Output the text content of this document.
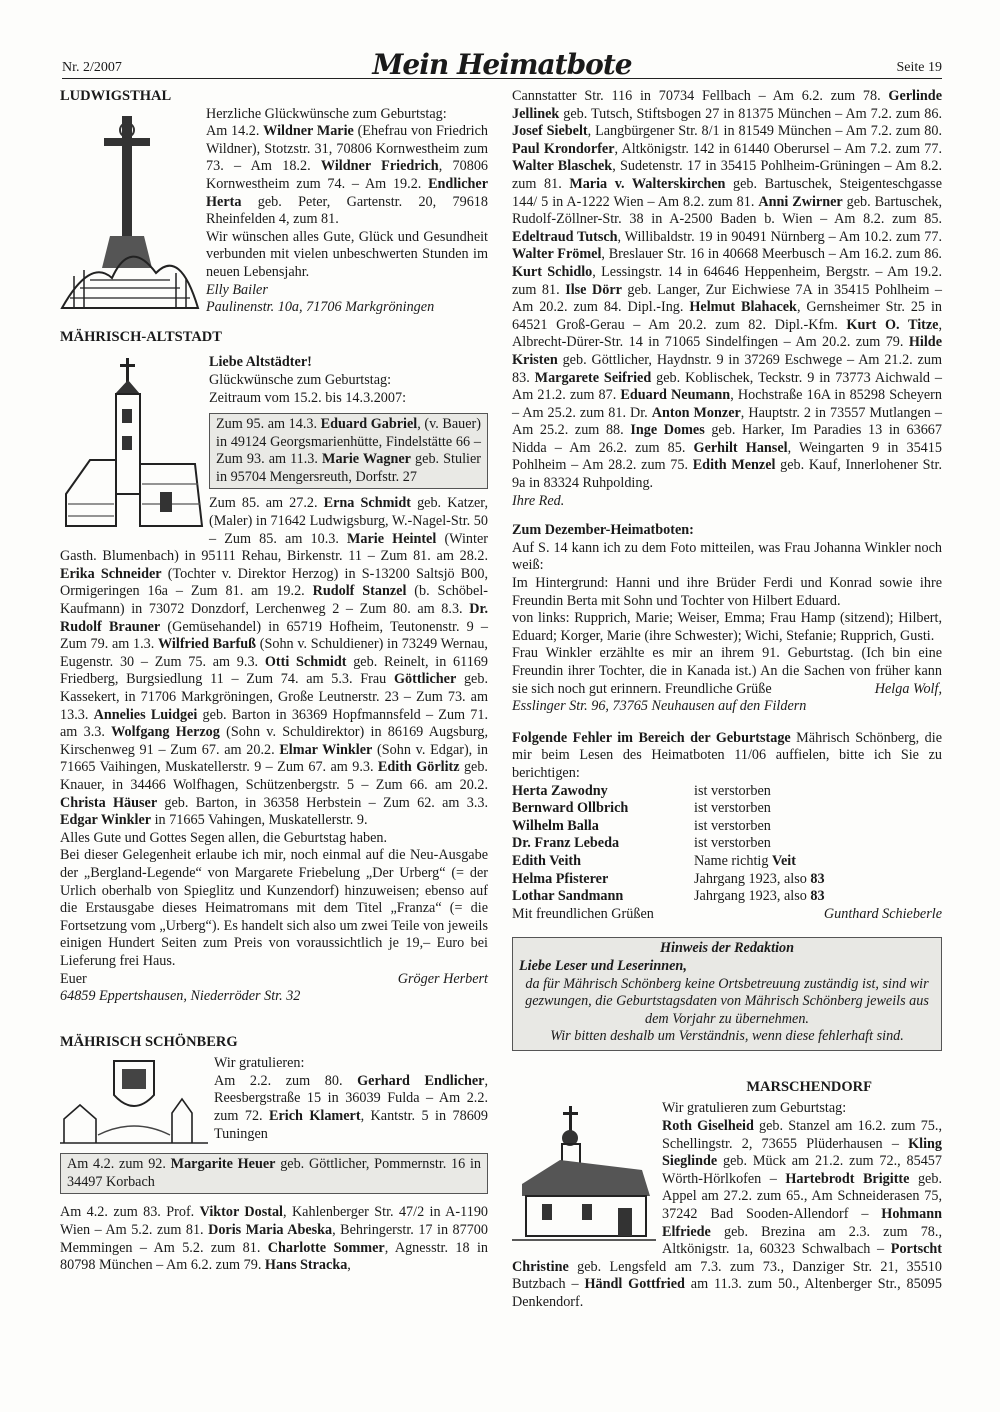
Nr. 2/2007	Mein Heimatbote	Seite 19

LUDWIGSTHAL

Herzliche Glückwünsche zum Geburtstag:
Am 14.2. Wildner Marie (Ehefrau von Friedrich Wildner), Stotzstr. 31, 70806 Kornwestheim zum 73. – Am 18.2. Wildner Friedrich, 70806 Kornwestheim zum 74. – Am 19.2. Endlicher Herta geb. Peter, Gartenstr. 20, 79618 Rheinfelden 4, zum 81.

Wir wünschen alles Gute, Glück und Gesundheit verbunden mit vielen unbeschwerten Stunden im neuen Lebensjahr.

Elly Bailer

Paulinenstr. 10a, 71706 Markgröningen

MÄHRISCH-ALTSTADT

Liebe Altstädter!

Glückwünsche zum Geburtstag:

Zeitraum vom 15.2. bis 14.3.2007:

Zum 95. am 14.3. Eduard Gabriel, (v. Bauer) in 49124 Georgsmarienhütte, Findelstätte 66 – Zum 93. am 11.3. Marie Wagner geb. Stulier in 95704 Mengersreuth, Dorfstr. 27

Zum 85. am 27.2. Erna Schmidt geb. Katzer, (Maler) in 71642 Ludwigsburg, W.-Nagel-Str. 50 – Zum 85. am 10.3. Marie Heintel (Winter Gasth. Blumenbach) in 95111 Rehau, Birkenstr. 11 – Zum 81. am 28.2. Erika Schneider (Tochter v. Direktor Herzog) in S-13200 Saltsjö B00, Ormigeringen 16a – Zum 81. am 19.2. Rudolf Stanzel (b. Schöbel-Kaufmann) in 73072 Donzdorf, Lerchenweg 2 – Zum 80. am 8.3. Dr. Rudolf Brauner (Gemüsehandel) in 65719 Hofheim, Teutonenstr. 9 – Zum 79. am 1.3. Wilfried Barfuß (Sohn v. Schuldiener) in 73249 Wernau, Eugenstr. 30 – Zum 75. am 9.3. Otti Schmidt geb. Reinelt, in 61169 Friedberg, Burgsiedlung 11 – Zum 74. am 5.3. Frau Göttlicher geb. Kassekert, in 71706 Markgröningen, Große Leutnerstr. 23 – Zum 73. am 13.3. Annelies Luidgei geb. Barton in 36369 Hopfmannsfeld – Zum 71. am 3.3. Wolfgang Herzog (Sohn v. Schuldirektor) in 86169 Augsburg, Kirschenweg 91 – Zum 67. am 20.2. Elmar Winkler (Sohn v. Edgar), in 71665 Vaihingen, Muskatellerstr. 9 – Zum 67. am 9.3. Edith Görlitz geb. Knauer, in 34466 Wolfhagen, Schützenbergstr. 5 – Zum 66. am 20.2. Christa Häuser geb. Barton, in 36358 Herbstein – Zum 62. am 3.3. Edgar Winkler in 71665 Vahingen, Muskatellerstr. 9.

Alles Gute und Gottes Segen allen, die Geburtstag haben.

Bei dieser Gelegenheit erlaube ich mir, noch einmal auf die Neu-Ausgabe der „Bergland-Legende“ von Margarete Friebelung „Der Urberg“ (= der Urlich oberhalb von Spieglitz und Kunzendorf) hinzuweisen; ebenso auf die Erstausgabe dieses Heimatromans mit dem Titel „Franza“ (= die Fortsetzung vom „Urberg“). Es handelt sich also um zwei Teile von jeweils einigen Hundert Seiten zum Preis von voraussichtlich je 19,– Euro bei Lieferung frei Haus.

Euer	Gröger Herbert

64859 Eppertshausen, Niederröder Str. 32

MÄHRISCH SCHÖNBERG

Wir gratulieren:
Am 2.2. zum 80. Gerhard Endlicher, Reesbergstraße 15 in 36039 Fulda – Am 2.2. zum 72. Erich Klamert, Kantstr. 5 in 78609 Tuningen

Am 4.2. zum 92. Margarite Heuer geb. Göttlicher, Pommernstr. 16 in 34497 Korbach

Am 4.2. zum 83. Prof. Viktor Dostal, Kahlenberger Str. 47/2 in A-1190 Wien – Am 5.2. zum 81. Doris Maria Abeska, Behringerstr. 17 in 87700 Memmingen – Am 5.2. zum 81. Charlotte Sommer, Agnesstr. 18 in 80798 München – Am 6.2. zum 79. Hans Stracka,

Cannstatter Str. 116 in 70734 Fellbach – Am 6.2. zum 78. Gerlinde Jellinek geb. Tutsch, Stiftsbogen 27 in 81375 München – Am 7.2. zum 86. Josef Siebelt, Langbürgener Str. 8/1 in 81549 München – Am 7.2. zum 80. Paul Krondorfer, Altkönigstr. 142 in 61440 Oberursel – Am 7.2. zum 77. Walter Blaschek, Sudetenstr. 17 in 35415 Pohlheim-Grüningen – Am 8.2. zum 81. Maria v. Walterskirchen geb. Bartuschek, Steigenteschgasse 144/ 5 in A-1222 Wien – Am 8.2. zum 81. Anni Zwirner geb. Bartuschek, Rudolf-Zöllner-Str. 38 in A-2500 Baden b. Wien – Am 8.2. zum 85. Edeltraud Tutsch, Willibaldstr. 19 in 90491 Nürnberg – Am 10.2. zum 77. Walter Frömel, Breslauer Str. 16 in 40668 Meerbusch – Am 16.2. zum 86. Kurt Schidlo, Lessingstr. 14 in 64646 Heppenheim, Bergstr. – Am 19.2. zum 81. Ilse Dörr geb. Langer, Zur Eichwiese 7A in 35415 Pohlheim – Am 20.2. zum 84. Dipl.-Ing. Helmut Blahacek, Gernsheimer Str. 25 in 64521 Groß-Gerau – Am 20.2. zum 82. Dipl.-Kfm. Kurt O. Titze, Albrecht-Dürer-Str. 14 in 71065 Sindelfingen – Am 20.2. zum 79. Hilde Kristen geb. Göttlicher, Haydnstr. 9 in 37269 Eschwege – Am 21.2. zum 83. Margarete Seifried geb. Koblischek, Teckstr. 9 in 73773 Aichwald – Am 21.2. zum 87. Eduard Neumann, Hochstraße 16A in 85298 Scheyern – Am 25.2. zum 81. Dr. Anton Monzer, Hauptstr. 2 in 73557 Mutlangen – Am 25.2. zum 88. Inge Domes geb. Harker, Im Paradies 13 in 63667 Nidda – Am 26.2. zum 85. Gerhilt Hansel, Weingarten 9 in 35415 Pohlheim – Am 28.2. zum 75. Edith Menzel geb. Kauf, Innerlohener Str. 9a in 83324 Ruhpolding.

Ihre Red.

Zum Dezember-Heimatboten:

Auf S. 14 kann ich zu dem Foto mitteilen, was Frau Johanna Winkler noch weiß:

Im Hintergrund: Hanni und ihre Brüder Ferdi und Konrad sowie ihre Freundin Berta mit Sohn und Tochter von Hilbert Eduard.

von links: Rupprich, Marie; Weiser, Emma; Frau Hamp (sitzend); Hilbert, Eduard; Korger, Marie (ihre Schwester); Wichi, Stefanie; Rupprich, Gusti.

Frau Winkler erzählte es mir an ihrem 91. Geburtstag. (Ich bin eine Freundin ihrer Tochter, die in Kanada ist.) An die Sachen von früher kann sie sich noch gut erinnern. Freundliche Grüße	Helga Wolf,

Esslinger Str. 96, 73765 Neuhausen auf den Fildern

Folgende Fehler im Bereich der Geburtstage Mährisch Schönberg, die mir beim Lesen des Heimatboten 11/06 auffielen, bitte ich Sie zu berichtigen:

Herta Zawodny	ist verstorben
Bernward Ollbrich	ist verstorben
Wilhelm Balla	ist verstorben
Dr. Franz Lebeda	ist verstorben
Edith Veith	Name richtig Veit
Helma Pfisterer	Jahrgang 1923, also 83
Lothar Sandmann	Jahrgang 1923, also 83

Mit freundlichen Grüßen	Gunthard Schieberle

Hinweis der Redaktion
Liebe Leser und Leserinnen,
da für Mährisch Schönberg keine Ortsbetreuung zuständig ist, sind wir gezwungen, die Geburtstagsdaten von Mährisch Schönberg jeweils aus dem Vorjahr zu übernehmen.
Wir bitten deshalb um Verständnis, wenn diese fehlerhaft sind.

MARSCHENDORF

Wir gratulieren zum Geburtstag:
Roth Giselheid geb. Stanzel am 16.2. zum 75., Schellingstr. 2, 73655 Plüderhausen – Kling Sieglinde geb. Mück am 21.2. zum 72., 85457 Wörth-Hörlkofen – Hartebrodt Brigitte geb. Appel am 27.2. zum 65., Am Schneiderasen 75, 37242 Bad Sooden-Allendorf – Hohmann Elfriede geb. Brezina am 2.3. zum 78., Altkönigstr. 1a, 60323 Schwalbach – Portscht Christine geb. Lengsfeld am 7.3. zum 73., Danziger Str. 21, 35510 Butzbach – Händl Gottfried am 11.3. zum 50., Altenberger Str., 85095 Denkendorf.
